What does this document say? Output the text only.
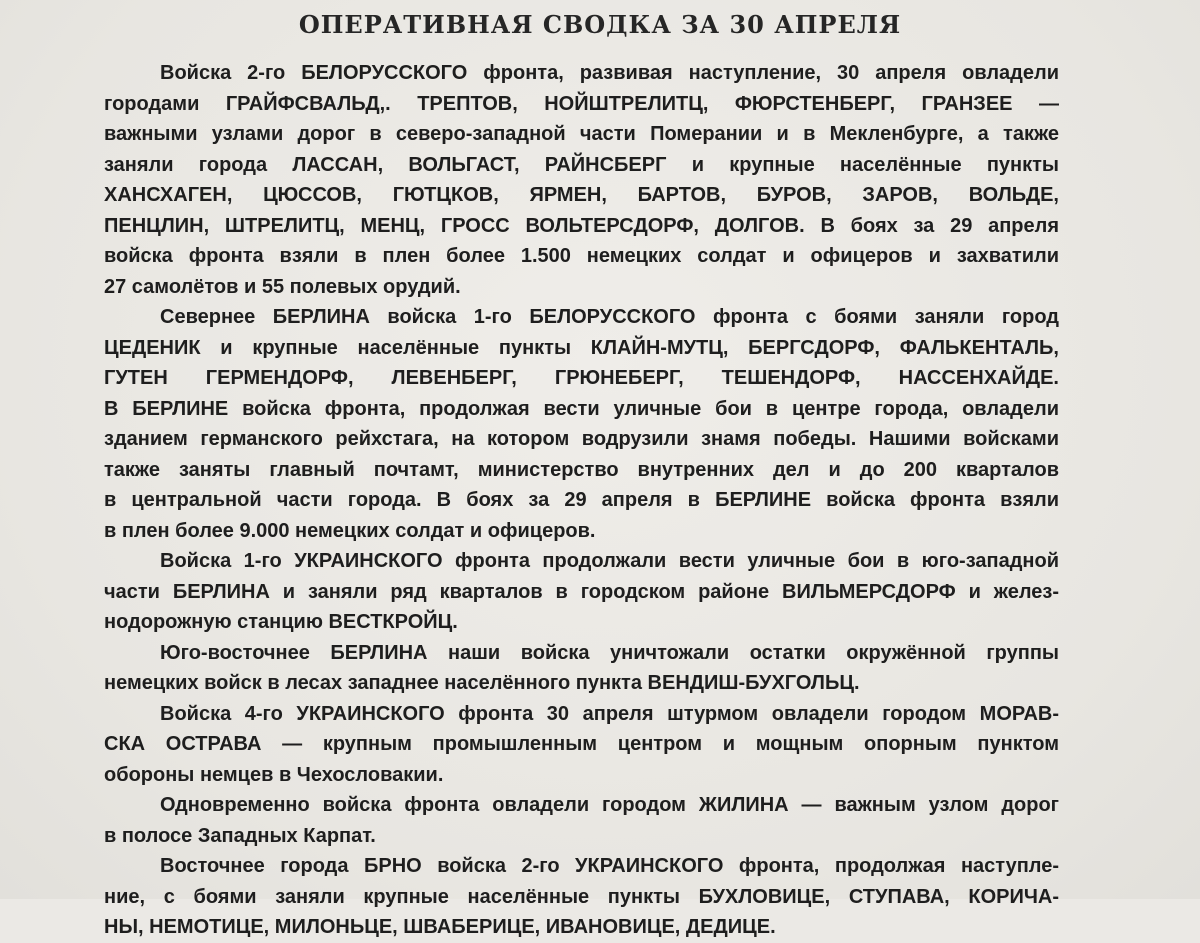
ОПЕРАТИВНАЯ СВОДКА ЗА 30 АПРЕЛЯ
Войска 2-го БЕЛОРУССКОГО фронта, развивая наступление, 30 апреля овладели
городами ГРАЙФСВАЛЬД,. ТРЕПТОВ, НОЙШТРЕЛИТЦ, ФЮРСТЕНБЕРГ, ГРАНЗЕЕ —
важными узлами дорог в северо-западной части Померании и в Мекленбурге, а также
заняли города ЛАССАН, ВОЛЬГАСТ, РАЙНСБЕРГ и крупные населённые пункты
ХАНСХАГЕН, ЦЮССОВ, ГЮТЦКОВ, ЯРМЕН, БАРТОВ, БУРОВ, ЗАРОВ, ВОЛЬДЕ,
ПЕНЦЛИН, ШТРЕЛИТЦ, МЕНЦ, ГРОСС ВОЛЬТЕРСДОРФ, ДОЛГОВ. В боях за 29 апреля
войска фронта взяли в плен более 1.500 немецких солдат и офицеров и захватили
27 самолётов и 55 полевых орудий.
Севернее БЕРЛИНА войска 1-го БЕЛОРУССКОГО фронта с боями заняли город
ЦЕДЕНИК и крупные населённые пункты КЛАЙН-МУТЦ, БЕРГСДОРФ, ФАЛЬКЕНТАЛЬ,
ГУТЕН ГЕРМЕНДОРФ, ЛЕВЕНБЕРГ, ГРЮНЕБЕРГ, ТЕШЕНДОРФ, НАССЕНХАЙДЕ.
В БЕРЛИНЕ войска фронта, продолжая вести уличные бои в центре города, овладели
зданием германского рейхстага, на котором водрузили знамя победы. Нашими войсками
также заняты главный почтамт, министерство внутренних дел и до 200 кварталов
в центральной части города. В боях за 29 апреля в БЕРЛИНЕ войска фронта взяли
в плен более 9.000 немецких солдат и офицеров.
Войска 1-го УКРАИНСКОГО фронта продолжали вести уличные бои в юго-западной
части БЕРЛИНА и заняли ряд кварталов в городском районе ВИЛЬМЕРСДОРФ и желез-
нодорожную станцию ВЕСТКРОЙЦ.
Юго-восточнее БЕРЛИНА наши войска уничтожали остатки окружённой группы
немецких войск в лесах западнее населённого пункта ВЕНДИШ-БУХГОЛЬЦ.
Войска 4-го УКРАИНСКОГО фронта 30 апреля штурмом овладели городом МОРАВ-
СКА ОСТРАВА — крупным промышленным центром и мощным опорным пунктом
обороны немцев в Чехословакии.
Одновременно войска фронта овладели городом ЖИЛИНА — важным узлом дорог
в полосе Западных Карпат.
Восточнее города БРНО войска 2-го УКРАИНСКОГО фронта, продолжая наступле-
ние, с боями заняли крупные населённые пункты БУХЛОВИЦЕ, СТУПАВА, КОРИЧА-
НЫ, НЕМОТИЦЕ, МИЛОНЬЦЕ, ШВАБЕРИЦЕ, ИВАНОВИЦЕ, ДЕДИЦЕ.
